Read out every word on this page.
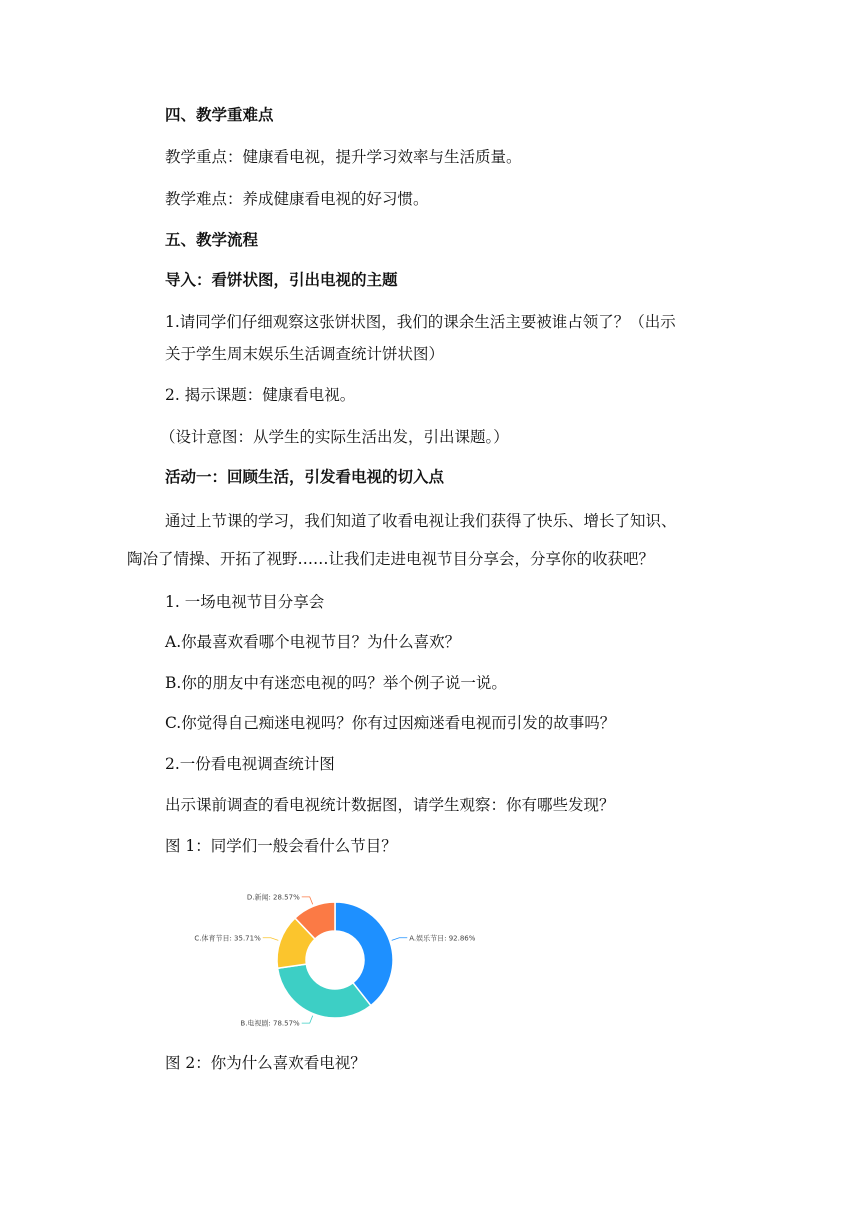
四、教学重难点
教学重点：健康看电视，提升学习效率与生活质量。
教学难点：养成健康看电视的好习惯。
五、教学流程
导入：看饼状图，引出电视的主题
1.请同学们仔细观察这张饼状图，我们的课余生活主要被谁占领了？（出示
关于学生周末娱乐生活调查统计饼状图）
2. 揭示课题：健康看电视。
（设计意图：从学生的实际生活出发，引出课题。）
活动一：回顾生活，引发看电视的切入点
通过上节课的学习，我们知道了收看电视让我们获得了快乐、增长了知识、
陶冶了情操、开拓了视野……让我们走进电视节目分享会，分享你的收获吧？
1. 一场电视节目分享会
A.你最喜欢看哪个电视节目？为什么喜欢？
B.你的朋友中有迷恋电视的吗？举个例子说一说。
C.你觉得自己痴迷电视吗？你有过因痴迷看电视而引发的故事吗？
2.一份看电视调查统计图
出示课前调查的看电视统计数据图，请学生观察：你有哪些发现？
图 1：同学们一般会看什么节目？
A.娱乐节目: 92.86%
B.电视剧: 78.57%
C.体育节目: 35.71%
D.新闻: 28.57%
图 2：你为什么喜欢看电视？
